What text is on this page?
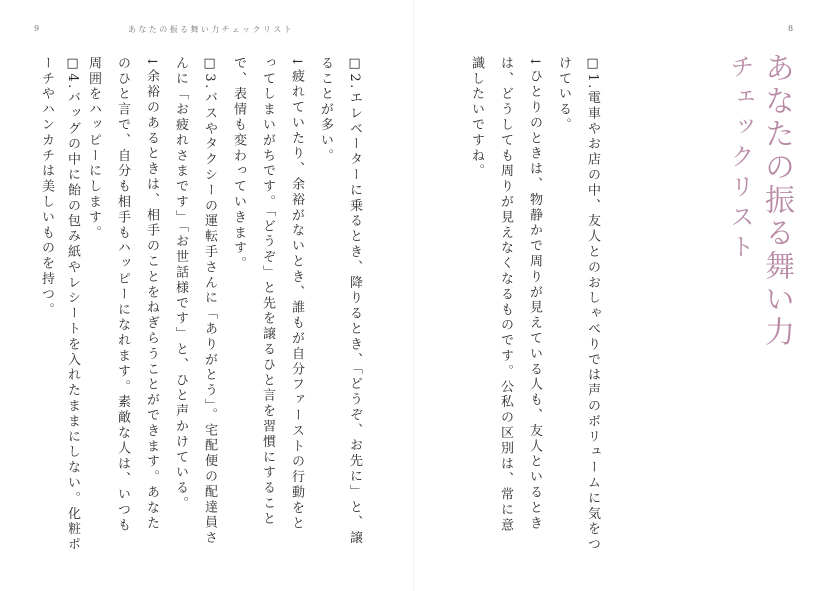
9	あなたの振る舞い力チェックリスト
□2.エレベーターに乗るとき、降りるとき、「どうぞ、お先に」と、譲
ることが多い。
↓疲れていたり、余裕がないとき、誰もが自分ファーストの行動をと
ってしまいがちです。「どうぞ」と先を譲るひと言を習慣にすること
で、表情も変わっていきます。
□3.バスやタクシーの運転手さんに「ありがとう」。宅配便の配達員さ
んに「お疲れさまです」「お世話様です」と、ひと声かけている。
↓余裕のあるときは、相手のことをねぎらうことができます。あなた
のひと言で、自分も相手もハッピーになれます。素敵な人は、いつも
周囲をハッピーにします。
□4.バッグの中に飴の包み紙やレシートを入れたままにしない。化粧ポ
ーチやハンカチは美しいものを持つ。
8
あなたの振る舞い力
チェックリスト
□1.電車やお店の中、友人とのおしゃべりでは声のボリュームに気をつ
けている。
↓ひとりのときは、物静かで周りが見えている人も、友人といるとき
は、どうしても周りが見えなくなるものです。公私の区別は、常に意
識したいですね。
